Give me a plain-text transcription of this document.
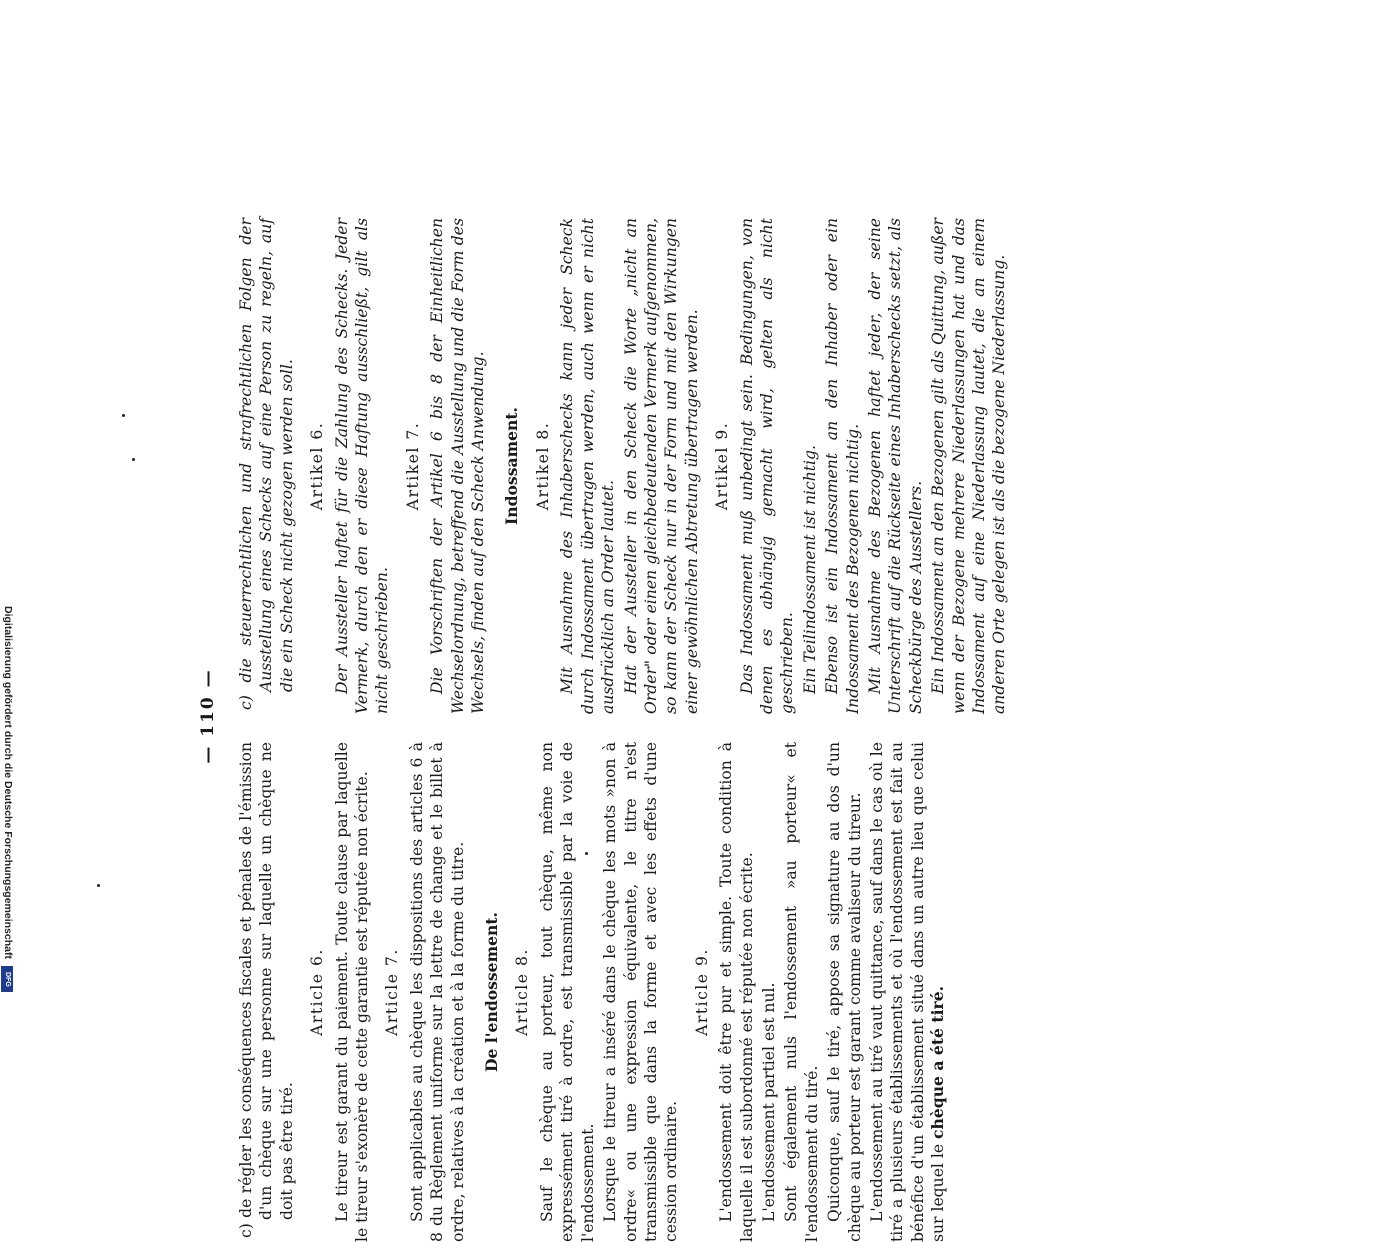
Digitalisierung gefördert durch die Deutsche Forschungsgemeinschaft
DFG
— 110 —
c) de régler les conséquences fiscales et pénales de l'émission d'un chèque sur une personne sur laquelle un chèque ne doit pas être tiré.
Article 6. Le tireur est garant du paiement. Toute clause par laquelle le tireur s'exonère de cette garantie est réputée non écrite. Article 7. Sont applicables au chèque les dispositions des articles 6 à 8 du Règlement uniforme sur la lettre de change et le billet à ordre, relatives à la création et à la forme du titre. De l'endossement. Article 8. Sauf le chèque au porteur, tout chèque, même non expressément tiré à ordre, est transmissible par la voie de l'endossement. Lorsque le tireur a inséré dans le chèque les mots »non à ordre« ou une expression équivalente, le titre n'est transmissible que dans la forme et avec les effets d'une cession ordinaire.
Article 9. L'endossement doit être pur et simple. Toute condition à laquelle il est subordonné est réputée non écrite. L'endossement partiel est nul. Sont également nuls l'endossement »au porteur« et l'endossement du tiré. Quiconque, sauf le tiré, appose sa signature au dos d'un chèque au porteur est garant comme avaliseur du tireur. L'endossement au tiré vaut quittance, sauf dans le cas où le tiré a plusieurs établissements et où l'endossement est fait au bénéfice d'un établissement situé dans un autre lieu que celui sur lequel le chèque a été tiré.
c) die steuerrechtlichen und strafrechtlichen Folgen der Ausstellung eines Schecks auf eine Person zu regeln, auf die ein Scheck nicht gezogen werden soll. Artikel 6. Der Aussteller haftet für die Zahlung des Schecks. Jeder Vermerk, durch den er diese Haftung ausschließt, gilt als nicht geschrieben.
Artikel 7. Die Vorschriften der Artikel 6 bis 8 der Einheitlichen Wechselordnung, betreffend die Ausstellung und die Form des Wechsels, finden auf den Scheck Anwendung. Indossament. Artikel 8. Mit Ausnahme des Inhaberschecks kann jeder Scheck durch Indossament übertragen werden, auch wenn er nicht ausdrücklich an Order lautet. Hat der Aussteller in den Scheck die Worte „nicht an Order" oder einen gleichbedeutenden Vermerk aufgenommen, so kann der Scheck nur in der Form und mit den Wirkungen einer gewöhnlichen Abtretung übertragen werden. Artikel 9. Das Indossament muß unbedingt sein. Bedingungen, von denen es abhängig gemacht wird, gelten als nicht geschrieben. Ein Teilindossament ist nichtig. Ebenso ist ein Indossament an den Inhaber oder ein Indossament des Bezogenen nichtig. Mit Ausnahme des Bezogenen haftet jeder, der seine Unterschrift auf die Rückseite eines Inhaberschecks setzt, als Scheckbürge des Ausstellers. Ein Indossament an den Bezogenen gilt als Quittung, außer wenn der Bezogene mehrere Niederlassungen hat und das Indossament auf eine Niederlassung lautet, die an einem anderen Orte gelegen ist als die bezogene Niederlassung.
